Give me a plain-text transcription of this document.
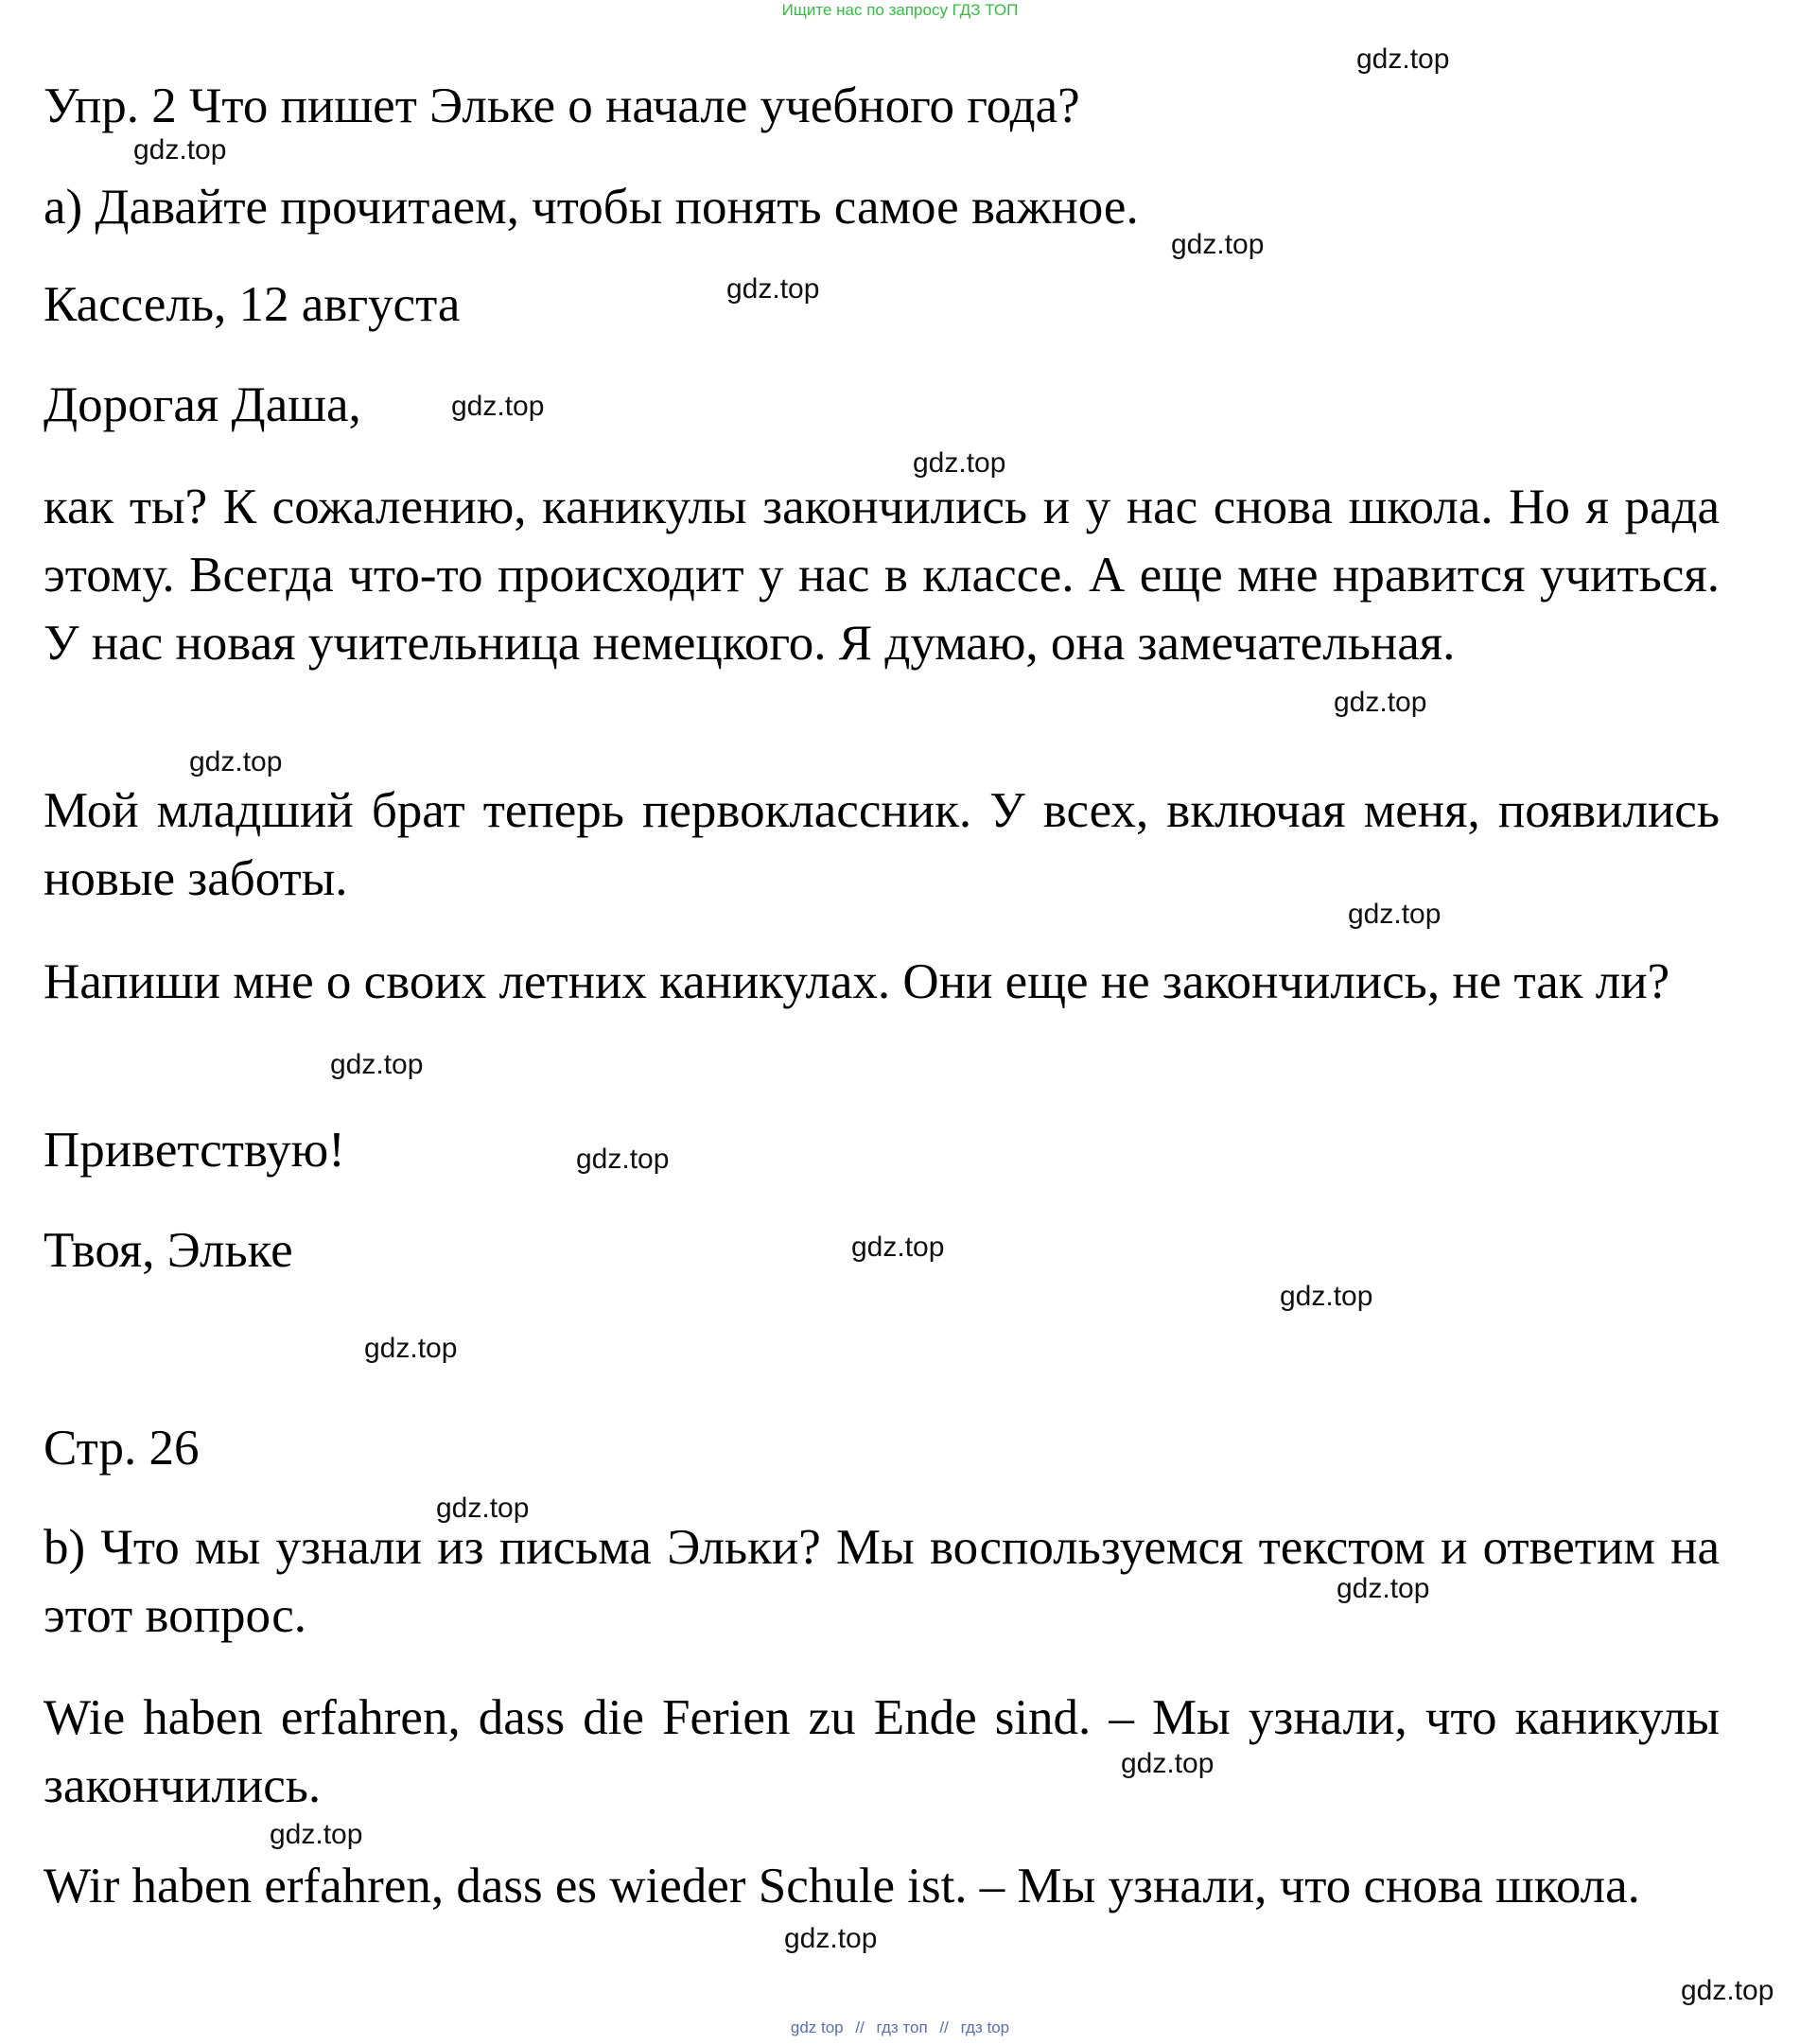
Ищите нас по запросу ГДЗ ТОП
Упр. 2 Что пишет Эльке о начале учебного года?
а) Давайте прочитаем, чтобы понять самое важное.
Кассель, 12 августа
Дорогая Даша,
как ты? К сожалению, каникулы закончились и у нас снова школа. Но я рада этому. Всегда что-то происходит у нас в классе. А еще мне нравится учиться. У нас новая учительница немецкого. Я думаю, она замечательная.
Мой младший брат теперь первоклассник. У всех, включая меня, появились новые заботы.
Напиши мне о своих летних каникулах. Они еще не закончились, не так ли?
Приветствую!
Твоя, Эльке
Стр. 26
b) Что мы узнали из письма Эльки? Мы воспользуемся текстом и ответим на этот вопрос.
Wie haben erfahren, dass die Ferien zu Ende sind. – Мы узнали, что каникулы закончились.
Wir haben erfahren, dass es wieder Schule ist. – Мы узнали, что снова школа.
gdz.top
gdz.top
gdz.top
gdz.top
gdz.top
gdz.top
gdz.top
gdz.top
gdz.top
gdz.top
gdz.top
gdz.top
gdz.top
gdz.top
gdz.top
gdz.top
gdz.top
gdz.top
gdz.top
gdz.top
gdz top // гдз топ // гдз top
